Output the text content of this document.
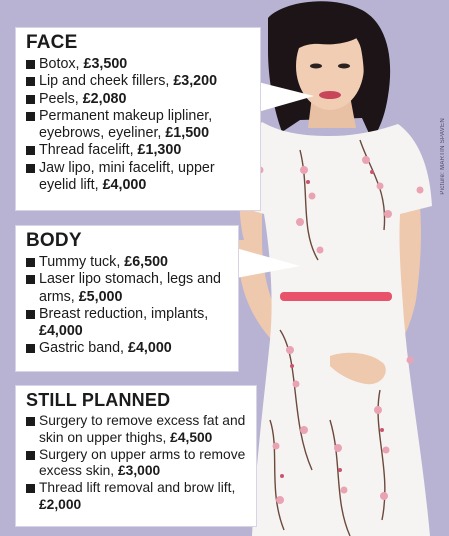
FACE
Botox, £3,500
Lip and cheek fillers, £3,200
Peels, £2,080
Permanent makeup lipliner, eyebrows, eyeliner, £1,500
Thread facelift, £1,300
Jaw lipo, mini facelift, upper eyelid lift, £4,000
BODY
Tummy tuck, £6,500
Laser lipo stomach, legs and arms, £5,000
Breast reduction, implants, £4,000
Gastric band, £4,000
STILL PLANNED
Surgery to remove excess fat and skin on upper thighs, £4,500
Surgery on upper arms to remove excess skin, £3,000
Thread lift removal and brow lift, £2,000
Picture: MARTIN SPAVEN
